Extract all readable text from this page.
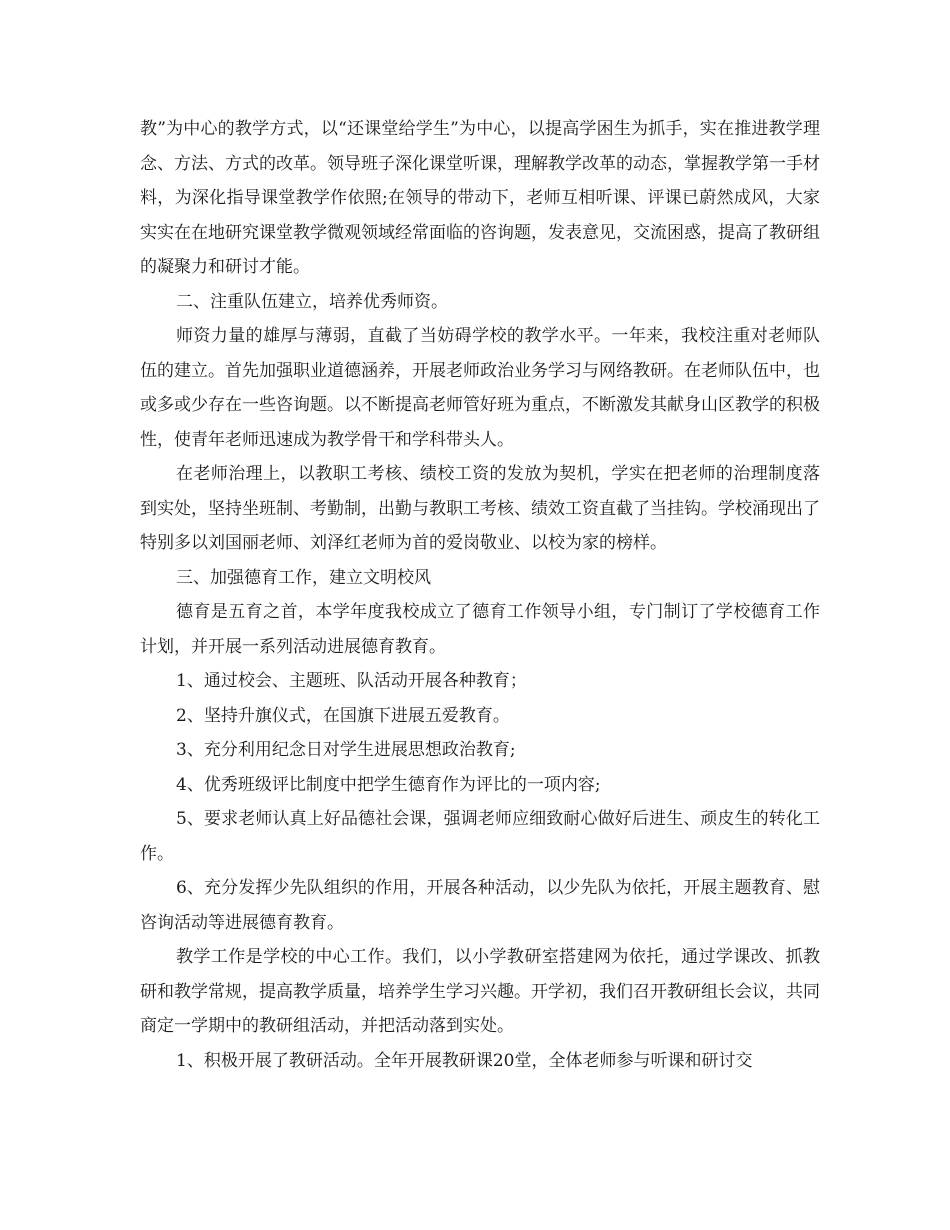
教”为中心的教学方式，以“还课堂给学生”为中心，以提高学困生为抓手，实在推进教学理念、方法、方式的改革。领导班子深化课堂听课，理解教学改革的动态，掌握教学第一手材料，为深化指导课堂教学作依照;在领导的带动下，老师互相听课、评课已蔚然成风，大家实实在在地研究课堂教学微观领域经常面临的咨询题，发表意见，交流困惑，提高了教研组的凝聚力和研讨才能。

二、注重队伍建立，培养优秀师资。

师资力量的雄厚与薄弱，直截了当妨碍学校的教学水平。一年来，我校注重对老师队伍的建立。首先加强职业道德涵养，开展老师政治业务学习与网络教研。在老师队伍中，也或多或少存在一些咨询题。以不断提高老师管好班为重点，不断激发其献身山区教学的积极性，使青年老师迅速成为教学骨干和学科带头人。

在老师治理上，以教职工考核、绩校工资的发放为契机，学实在把老师的治理制度落到实处，坚持坐班制、考勤制，出勤与教职工考核、绩效工资直截了当挂钩。学校涌现出了特别多以刘国丽老师、刘泽红老师为首的爱岗敬业、以校为家的榜样。

三、加强德育工作，建立文明校风

德育是五育之首，本学年度我校成立了德育工作领导小组，专门制订了学校德育工作计划，并开展一系列活动进展德育教育。

1、通过校会、主题班、队活动开展各种教育；

2、坚持升旗仪式，在国旗下进展五爱教育。

3、充分利用纪念日对学生进展思想政治教育;

4、优秀班级评比制度中把学生德育作为评比的一项内容;

5、要求老师认真上好品德社会课，强调老师应细致耐心做好后进生、顽皮生的转化工作。

6、充分发挥少先队组织的作用，开展各种活动，以少先队为依托，开展主题教育、慰咨询活动等进展德育教育。

教学工作是学校的中心工作。我们，以小学教研室搭建网为依托，通过学课改、抓教研和教学常规，提高教学质量，培养学生学习兴趣。开学初，我们召开教研组长会议，共同商定一学期中的教研组活动，并把活动落到实处。

1、积极开展了教研活动。全年开展教研课20堂，全体老师参与听课和研讨交
